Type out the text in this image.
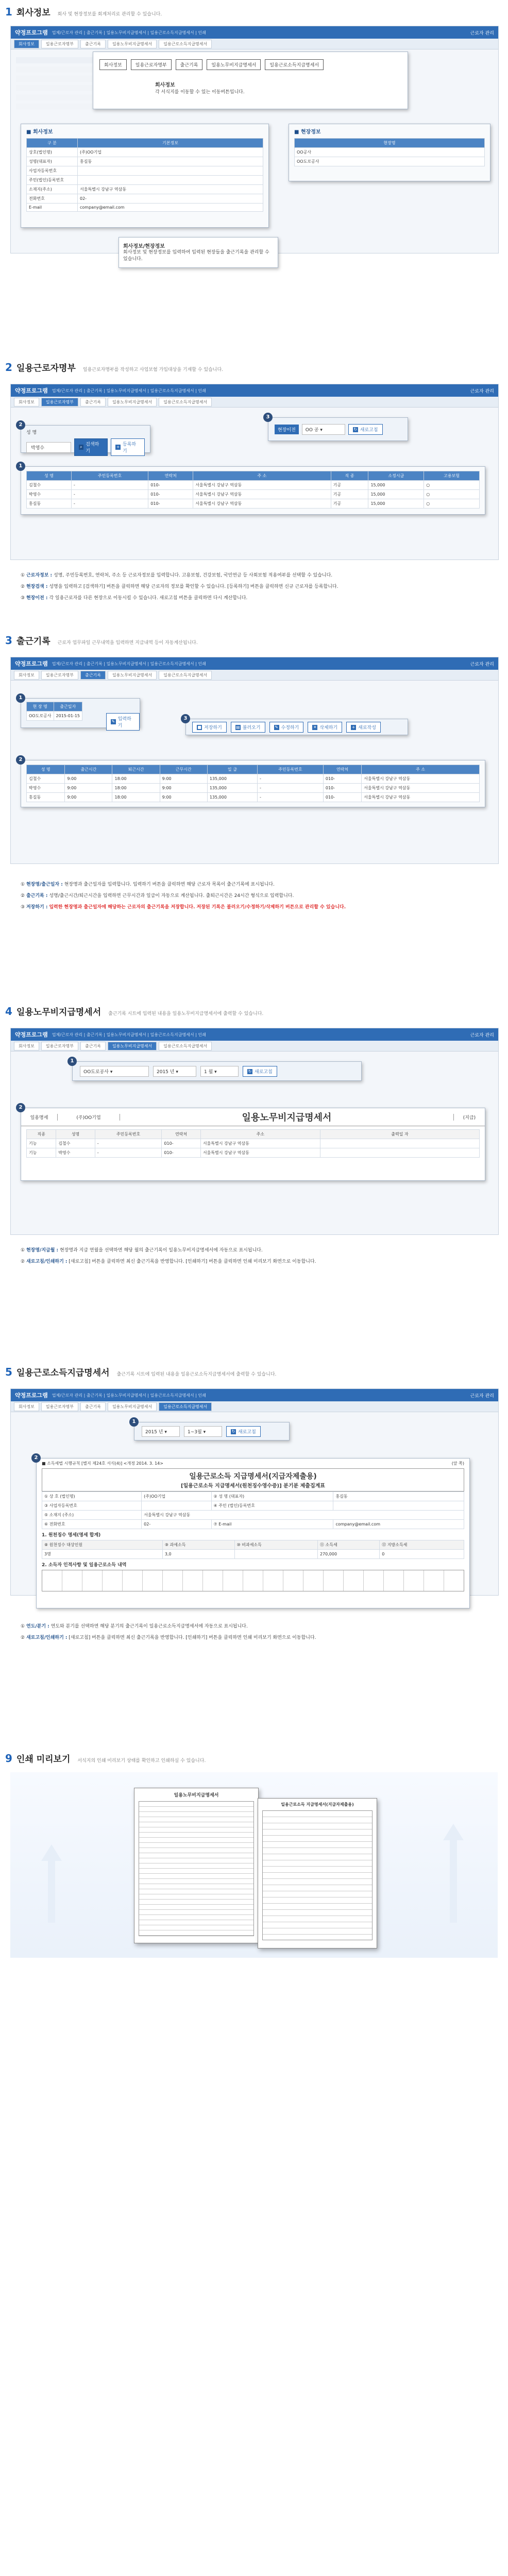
1 회사정보 회사 및 현장정보를 회계처리로 관리할 수 있습니다.
약정프로그램 업체/근로자 관리 | 출근기록 | 일용노무비지급명세서 | 일용근로소득지급명세서 | 인쇄	근로자 관리
회사정보	일용근로자명부	출근기록	일용노무비지급명세서	일용근로소득지급명세서
회사정보	일용근로자명부	출근기록	일용노무비지급명세서	일용근로소득지급명세서
회사정보
각 서식지를 이동할 수 있는 이동버튼입니다.
■ 회사정보
구 분	기본정보
상호(법인명)	(주)OO기업
성명(대표자)	홍길동
사업자등록번호	
주민(법인)등록번호	
소재지(주소)	서울특별시 강남구 역삼동
전화번호	02-
E-mail	company@email.com
■ 현장정보
현장명
OO공사
OO도로공사
회사정보/현장정보
회사정보 및 현장정보를 입력하여 입력된 현장들을 출근기록을 관리할 수 있습니다.
2 일용근로자명부 일용근로자명부를 작성하고 사업보험 가입대상을 기재할 수 있습니다.
약정프로그램 업체/근로자 관리 | 출근기록 | 일용노무비지급명세서 | 일용근로소득지급명세서 | 인쇄	근로자 관리
회사정보	일용근로자명부	출근기록	일용노무비지급명세서	일용근로소득지급명세서
2
성 명
박영수	⌕ 검색하기
+ 등록하기
3
현장이전	OO 공 ▾	↻ 새로고침
1
성 명	주민등록번호	연락처	주 소	직 종	소정시급	고용보험
김철수	-	010-	서울특별시 강남구 역삼동	기공	15,000	○
박영수	-	010-	서울특별시 강남구 역삼동	기공	15,000	○
홍길동	-	010-	서울특별시 강남구 역삼동	기공	15,000	○
① 근로자정보 : 성명, 주민등록번호, 연락처, 주소 등 근로자정보를 입력합니다. 고용보험, 건강보험, 국민연금 등 사회보험 적용여부를 선택할 수 있습니다.
② 현장검색 : 성명을 입력하고 [검색하기] 버튼을 클릭하면 해당 근로자의 정보를 확인할 수 있습니다. [등록하기] 버튼을 클릭하면 신규 근로자를 등록합니다.
③ 현장이전 : 각 일용근로자를 다른 현장으로 이동시킬 수 있습니다. 새로고침 버튼을 클릭하면 다시 계산합니다.
3 출근기록 근로자 업무파일 근무내역을 입력하면 지급내역 등이 자동계산됩니다.
약정프로그램 업체/근로자 관리 | 출근기록 | 일용노무비지급명세서 | 일용근로소득지급명세서 | 인쇄	근로자 관리
회사정보	일용근로자명부	출근기록	일용노무비지급명세서	일용근로소득지급명세서
1
현 장 명	출근일자
OO도로공사	2015-01-15
✎ 입력하기
3
■ 저장하기	▤ 불러오기	✎ 수정하기	✕ 삭제하기	+ 새로작성
2
성 명	출근시간	퇴근시간	근무시간	일 급	주민등록번호	연락처	주 소
김철수	9:00	18:00	9:00	135,000	-	010-	서울특별시 강남구 역삼동
박영수	9:00	18:00	9:00	135,000	-	010-	서울특별시 강남구 역삼동
홍길동	9:00	18:00	9:00	135,000	-	010-	서울특별시 강남구 역삼동
① 현장명/출근일자 : 현장명과 출근일자를 입력합니다. 입력하기 버튼을 클릭하면 해당 근로자 목록이 출근기록에 표시됩니다.
② 출근기록 : 성명/출근시간/퇴근시간을 입력하면 근무시간과 일급이 자동으로 계산됩니다. 출퇴근시간은 24시간 형식으로 입력합니다.
③ 저장하기 : 입력한 현장명과 출근일자에 해당하는 근로자의 출근기록을 저장합니다. 저장된 기록은 불러오기/수정하기/삭제하기 버튼으로 관리할 수 있습니다.
4 일용노무비지급명세서 출근기록 시트에 입력된 내용을 일용노무비지급명세서에 출력할 수 있습니다.
약정프로그램 업체/근로자 관리 | 출근기록 | 일용노무비지급명세서 | 일용근로소득지급명세서 | 인쇄	근로자 관리
회사정보	일용근로자명부	출근기록	일용노무비지급명세서	일용근로소득지급명세서
1
OO도로공사 ▾	2015 년 ▾	1 월 ▾	↻ 새로고침
2
일용명세	(주)OO기업	일용노무비지급명세서	(지급)
직종	성명	주민등록번호	연락처	주소	출력일 자
기능	김철수	-	010-	서울특별시 강남구 역삼동	
기능	박영수	-	010-	서울특별시 강남구 역삼동	
① 현장명/지급월 : 현장명과 지급 연월을 선택하면 해당 월의 출근기록이 일용노무비지급명세서에 자동으로 표시됩니다.
② 새로고침/인쇄하기 : [새로고침] 버튼을 클릭하면 최신 출근기록을 반영합니다. [인쇄하기] 버튼을 클릭하면 인쇄 미리보기 화면으로 이동합니다.
5 일용근로소득지급명세서 출근기록 시트에 입력된 내용을 일용근로소득지급명세서에 출력할 수 있습니다.
약정프로그램 업체/근로자 관리 | 출근기록 | 일용노무비지급명세서 | 일용근로소득지급명세서 | 인쇄	근로자 관리
회사정보	일용근로자명부	출근기록	일용노무비지급명세서	일용근로소득지급명세서
1
2015 년 ▾	1~3월 ▾	↻ 새로고침
2
■ 소득세법 시행규칙 [별지 제24호 서식(4)] <개정 2014. 3. 14>	(앞 쪽)
일용근로소득 지급명세서(지급자제출용)
[일용근로소득 지급명세서(원천징수영수증)] 분기분 제출집계표
① 상 호 (법인명)	(주)OO기업	② 성 명 (대표자)	홍길동
③ 사업자등록번호		④ 주민 (법인)등록번호	
⑤ 소재지 (주소)	서울특별시 강남구 역삼동		
⑥ 전화번호	02-	⑦ E-mail	company@email.com
1. 원천징수 명세(명세 합계)
⑧ 원천징수 대상인원	⑨ 과세소득	⑩ 비과세소득	⑪ 소득세	⑫ 지방소득세
3명	3,0		270,000	0
2. 소득자 인적사항 및 일용근로소득 내역
① 연도/분기 : 연도와 분기를 선택하면 해당 분기의 출근기록이 일용근로소득지급명세서에 자동으로 표시됩니다.
② 새로고침/인쇄하기 : [새로고침] 버튼을 클릭하면 최신 출근기록을 반영합니다. [인쇄하기] 버튼을 클릭하면 인쇄 미리보기 화면으로 이동합니다.
9 인쇄 미리보기 서식지의 인쇄 미리보기 상태를 확인하고 인쇄하실 수 있습니다.
일용노무비지급명세서
일용근로소득 지급명세서(지급자제출용)
